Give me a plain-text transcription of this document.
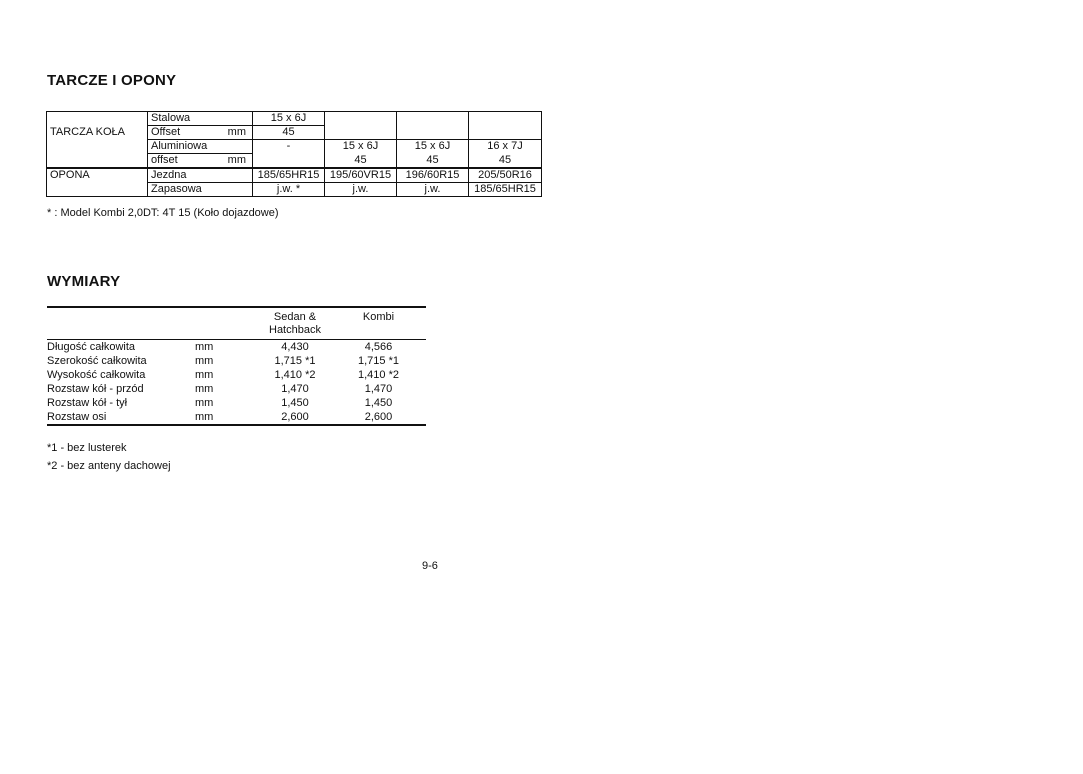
TARCZE I OPONY
	Stalowa	15 x 6J			
TARCZA KOŁA	Offset mm	45			
	Aluminiowa	-	15 x 6J	15 x 6J	16 x 7J
	offset mm		45	45	45
OPONA	Jezdna	185/65HR15	195/60VR15	196/60R15	205/50R16
	Zapasowa	j.w. *	j.w.	j.w.	185/65HR15
* : Model Kombi 2,0DT: 4T 15 (Koło dojazdowe)
WYMIARY
		Sedan & Hatchback	Kombi
Długość całkowita	mm	4,430	4,566
Szerokość całkowita	mm	1,715 *1	1,715 *1
Wysokość całkowita	mm	1,410 *2	1,410 *2
Rozstaw kół - przód	mm	1,470	1,470
Rozstaw kół - tył	mm	1,450	1,450
Rozstaw osi	mm	2,600	2,600
*1 - bez lusterek
*2 - bez anteny dachowej
9-6
